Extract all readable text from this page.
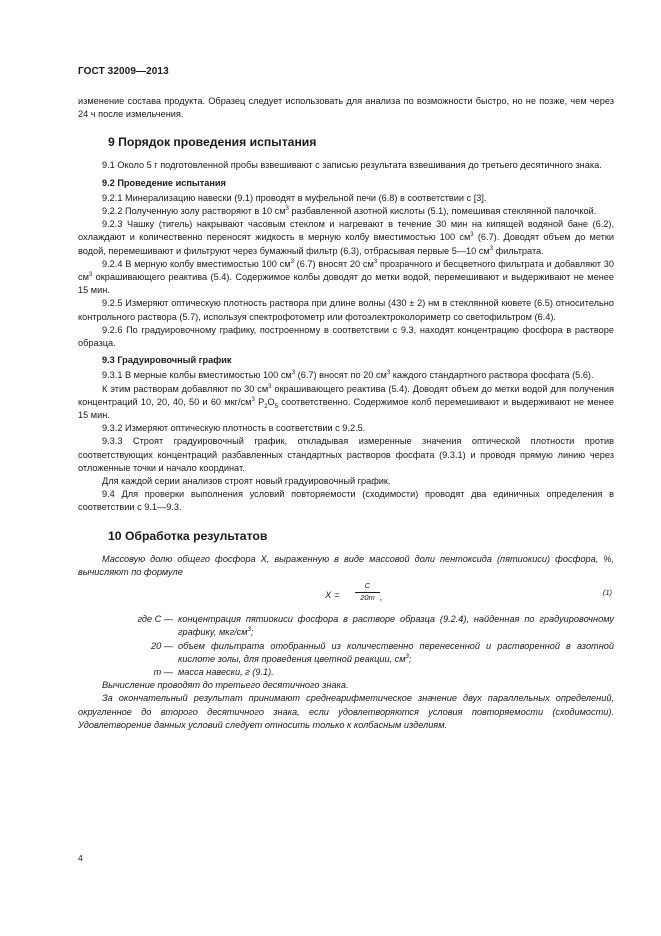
ГОСТ 32009—2013

изменение состава продукта. Образец следует использовать для анализа по возможности быстро, но не позже, чем через 24 ч после измельчения.

9 Порядок проведения испытания

9.1 Около 5 г подготовленной пробы взвешивают с записью результата взвешивания до третьего десятичного знака.

9.2 Проведение испытания

9.2.1 Минерализацию навески (9.1) проводят в муфельной печи (6.8) в соответствии с [3].

9.2.2 Полученную золу растворяют в 10 $см^3$ разбавленной азотной кислоты (5.1), помешивая стеклянной палочкой.

9.2.3 Чашку (тигель) накрывают часовым стеклом и нагревают в течение 30 мин на кипящей водяной бане (6.2), охлаждают и количественно переносят жидкость в мерную колбу вместимостью 100 $см^3$ (6.7). Доводят объем до метки водой, перемешивают и фильтруют через бумажный фильтр (6.3), отбрасывая первые 5—10 $см^3$ фильтрата.

9.2.4 В мерную колбу вместимостью 100 $см^3$ (6.7) вносят 20 $см^3$ прозрачного и бесцветного фильтрата и добавляют 30 $см^3$ окрашивающего реактива (5.4). Содержимое колбы доводят до метки водой, перемешивают и выдерживают не менее 15 мин.

9.2.5 Измеряют оптическую плотность раствора при длине волны (430 ± 2) нм в стеклянной кювете (6.5) относительно контрольного раствора (5.7), используя спектрофотометр или фотоэлектроколориметр со светофильтром (6.4).

9.2.6 По градуировочному графику, построенному в соответствии с 9.3, находят концентрацию фосфора в растворе образца.

9.3 Градуировочный график

9.3.1 В мерные колбы вместимостью 100 $см^3$ (6.7) вносят по 20 $см^3$ каждого стандартного раствора фосфата (5.6).

К этим растворам добавляют по 30 $см^3$ окрашивающего реактива (5.4). Доводят объем до метки водой для получения концентраций 10, 20, 40, 50 и 60 мкг/$см^3$ $P_2O_5$ соответственно. Содержимое колб перемешивают и выдерживают не менее 15 мин.

9.3.2 Измеряют оптическую плотность в соответствии с 9.2.5.

9.3.3 Строят градуировочный график, откладывая измеренные значения оптической плотности против соответствующих концентраций разбавленных стандартных растворов фосфата (9.3.1) и проводя прямую линию через отложенные точки и начало координат.

Для каждой серии анализов строят новый градуировочный график.

9.4 Для проверки выполнения условий повторяемости (сходимости) проводят два единичных определения в соответствии с 9.1—9.3.

10 Обработка результатов

Массовую долю общего фосфора X, выраженную в виде массовой доли пентоксида (пятиокиси) фосфора, %, вычисляют по формуле

$X = \frac{C}{20m}$ ,	(1)

где С — концентрация пятиокиси фосфора в растворе образца (9.2.4), найденная по градуировочному графику, мкг/$см^3$;

20 — объем фильтрата отобранный из количественно перенесенной и растворенной в азотной кислоте золы, для проведения цветной реакции, $см^3$;

m — масса навески, г (9.1).

Вычисление проводят до третьего десятичного знака.

За окончательный результат принимают среднеарифметическое значение двух параллельных определений, округленное до второго десятичного знака, если удовлетворяются условия повторяемости (сходимости). Удовлетворение данных условий следует относить только к колбасным изделиям.

4
